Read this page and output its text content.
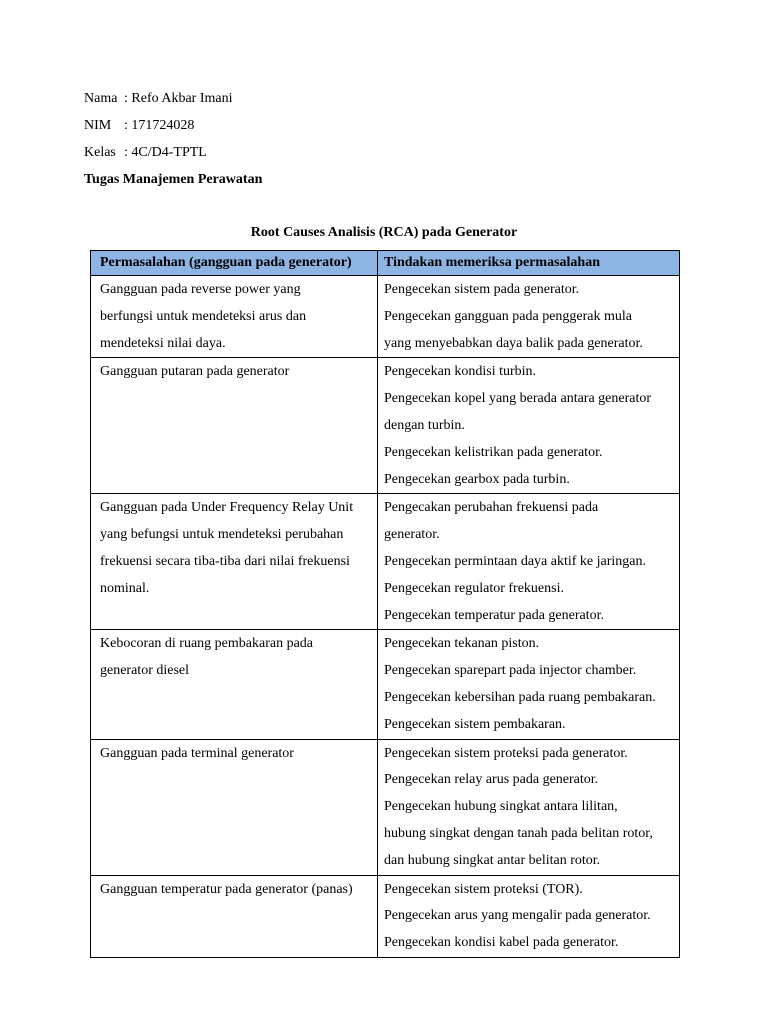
Nama : Refo Akbar Imani
NIM : 171724028
Kelas : 4C/D4-TPTL
Tugas Manajemen Perawatan
Root Causes Analisis (RCA) pada Generator
Permasalahan (gangguan pada generator)	Tindakan memeriksa permasalahan

Gangguan pada reverse power yang
berfungsi untuk mendeteksi arus dan
mendeteksi nilai daya.	Pengecekan sistem pada generator.
Pengecekan gangguan pada penggerak mula
yang menyebabkan daya balik pada generator.

Gangguan putaran pada generator	Pengecekan kondisi turbin.
Pengecekan kopel yang berada antara generator
dengan turbin.
Pengecekan kelistrikan pada generator.
Pengecekan gearbox pada turbin.

Gangguan pada Under Frequency Relay Unit
yang befungsi untuk mendeteksi perubahan
frekuensi secara tiba-tiba dari nilai frekuensi
nominal.	Pengecakan perubahan frekuensi pada
generator.
Pengecekan permintaan daya aktif ke jaringan.
Pengecekan regulator frekuensi.
Pengecekan temperatur pada generator.

Kebocoran di ruang pembakaran pada
generator diesel	Pengecekan tekanan piston.
Pengecekan sparepart pada injector chamber.
Pengecekan kebersihan pada ruang pembakaran.
Pengecekan sistem pembakaran.

Gangguan pada terminal generator	Pengecekan sistem proteksi pada generator.
Pengecekan relay arus pada generator.
Pengecekan hubung singkat antara lilitan,
hubung singkat dengan tanah pada belitan rotor,
dan hubung singkat antar belitan rotor.

Gangguan temperatur pada generator (panas)	Pengecekan sistem proteksi (TOR).
Pengecekan arus yang mengalir pada generator.
Pengecekan kondisi kabel pada generator.
